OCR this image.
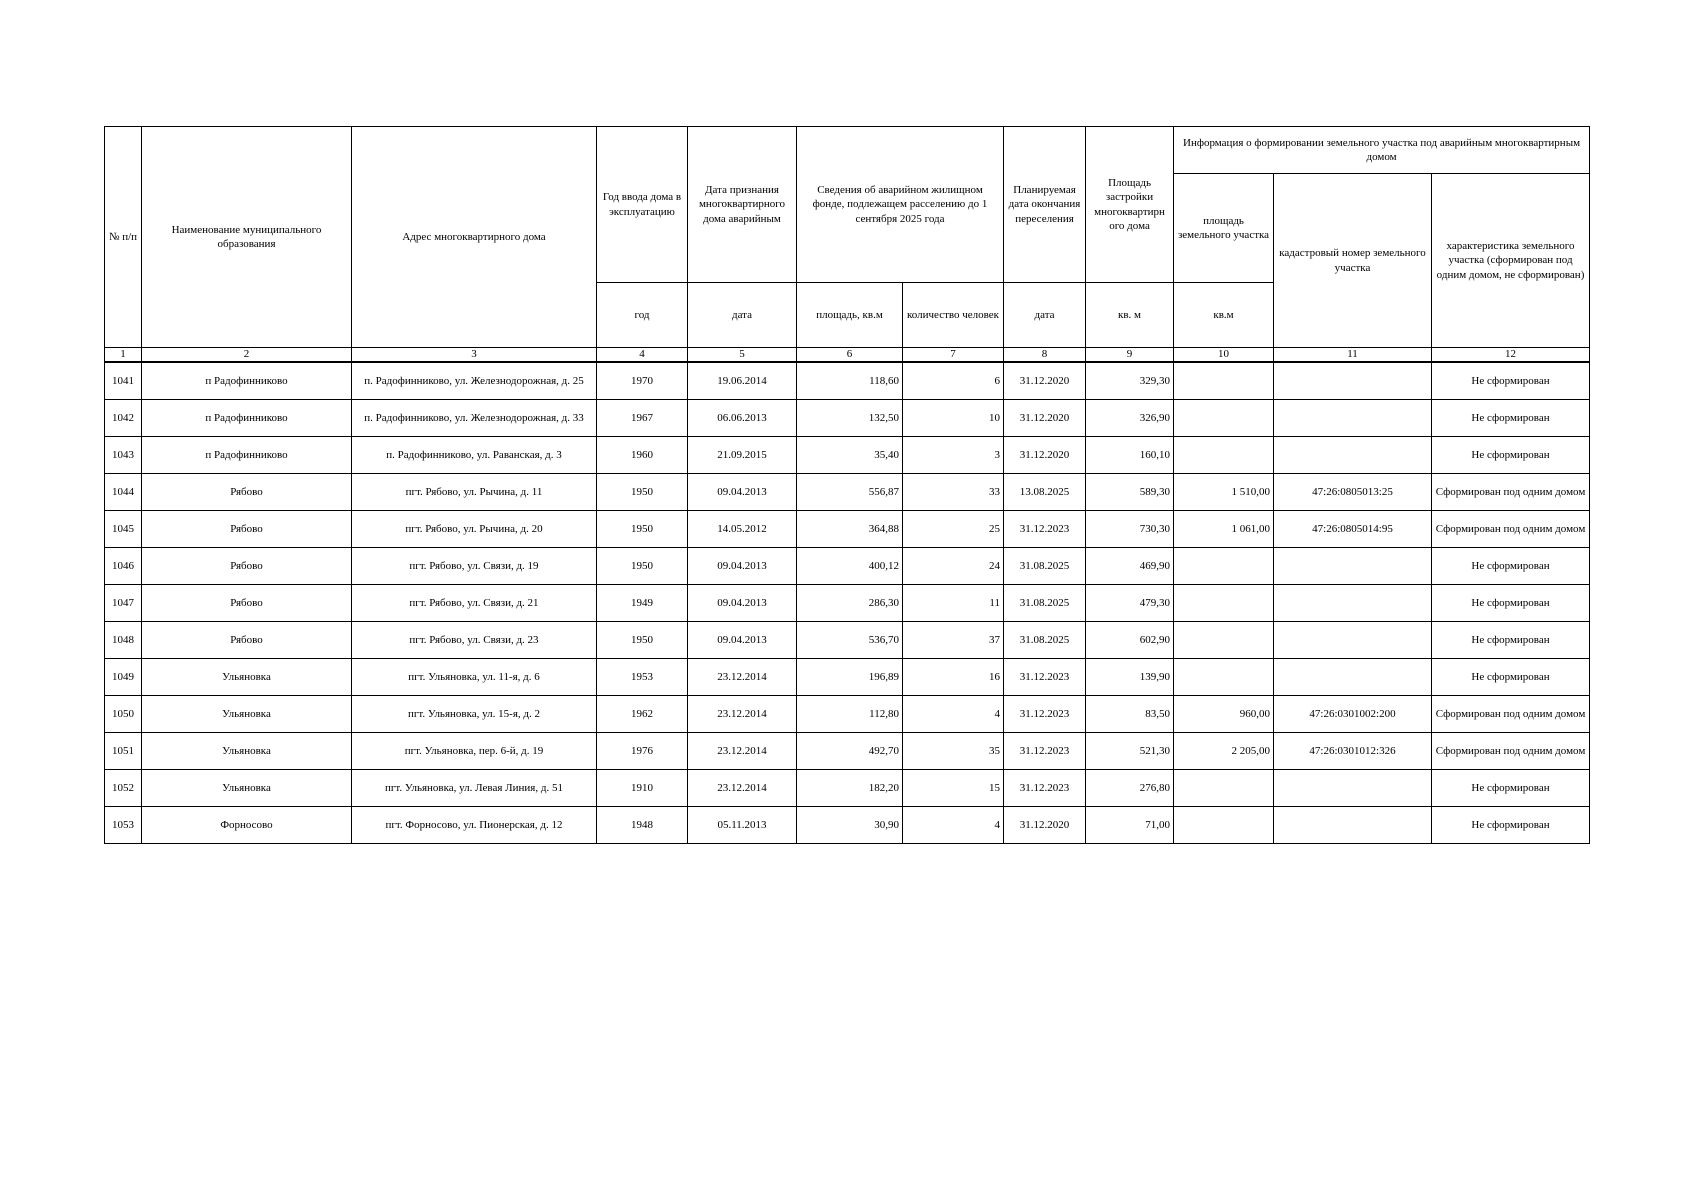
№ п/п	Наименование муниципального образования	Адрес многоквартирного дома	Год ввода дома в эксплуатацию	Дата признания многоквартирного дома аварийным	Сведения об аварийном жилищном фонде, подлежащем расселению до 1 сентября 2025 года		Планируемая дата окончания переселения	Площадь застройки многоквартирн ого дома	Информация о формировании земельного участка под аварийным многоквартирным домом		
									площадь земельного участка	кадастровый номер земельного участка	характеристика земельного участка (сформирован под одним домом, не сформирован)
			год	дата	площадь, кв.м	количество человек	дата	кв. м	кв.м		
1	2	3	4	5	6	7	8	9	10	11	12
1041	п Радофинниково	п. Радофинниково, ул. Железнодорожная, д. 25	1970	19.06.2014	118,60	6	31.12.2020	329,30			Не сформирован
1042	п Радофинниково	п. Радофинниково, ул. Железнодорожная, д. 33	1967	06.06.2013	132,50	10	31.12.2020	326,90			Не сформирован
1043	п Радофинниково	п. Радофинниково, ул. Раванская, д. 3	1960	21.09.2015	35,40	3	31.12.2020	160,10			Не сформирован
1044	Рябово	пгт. Рябово, ул. Рычина, д. 11	1950	09.04.2013	556,87	33	13.08.2025	589,30	1 510,00	47:26:0805013:25	Сформирован под одним домом
1045	Рябово	пгт. Рябово, ул. Рычина, д. 20	1950	14.05.2012	364,88	25	31.12.2023	730,30	1 061,00	47:26:0805014:95	Сформирован под одним домом
1046	Рябово	пгт. Рябово, ул. Связи, д. 19	1950	09.04.2013	400,12	24	31.08.2025	469,90			Не сформирован
1047	Рябово	пгт. Рябово, ул. Связи, д. 21	1949	09.04.2013	286,30	11	31.08.2025	479,30			Не сформирован
1048	Рябово	пгт. Рябово, ул. Связи, д. 23	1950	09.04.2013	536,70	37	31.08.2025	602,90			Не сформирован
1049	Ульяновка	пгт. Ульяновка, ул. 11-я, д. 6	1953	23.12.2014	196,89	16	31.12.2023	139,90			Не сформирован
1050	Ульяновка	пгт. Ульяновка, ул. 15-я, д. 2	1962	23.12.2014	112,80	4	31.12.2023	83,50	960,00	47:26:0301002:200	Сформирован под одним домом
1051	Ульяновка	пгт. Ульяновка, пер. 6-й, д. 19	1976	23.12.2014	492,70	35	31.12.2023	521,30	2 205,00	47:26:0301012:326	Сформирован под одним домом
1052	Ульяновка	пгт. Ульяновка, ул. Левая Линия, д. 51	1910	23.12.2014	182,20	15	31.12.2023	276,80			Не сформирован
1053	Форносово	пгт. Форносово, ул. Пионерская, д. 12	1948	05.11.2013	30,90	4	31.12.2020	71,00			Не сформирован
